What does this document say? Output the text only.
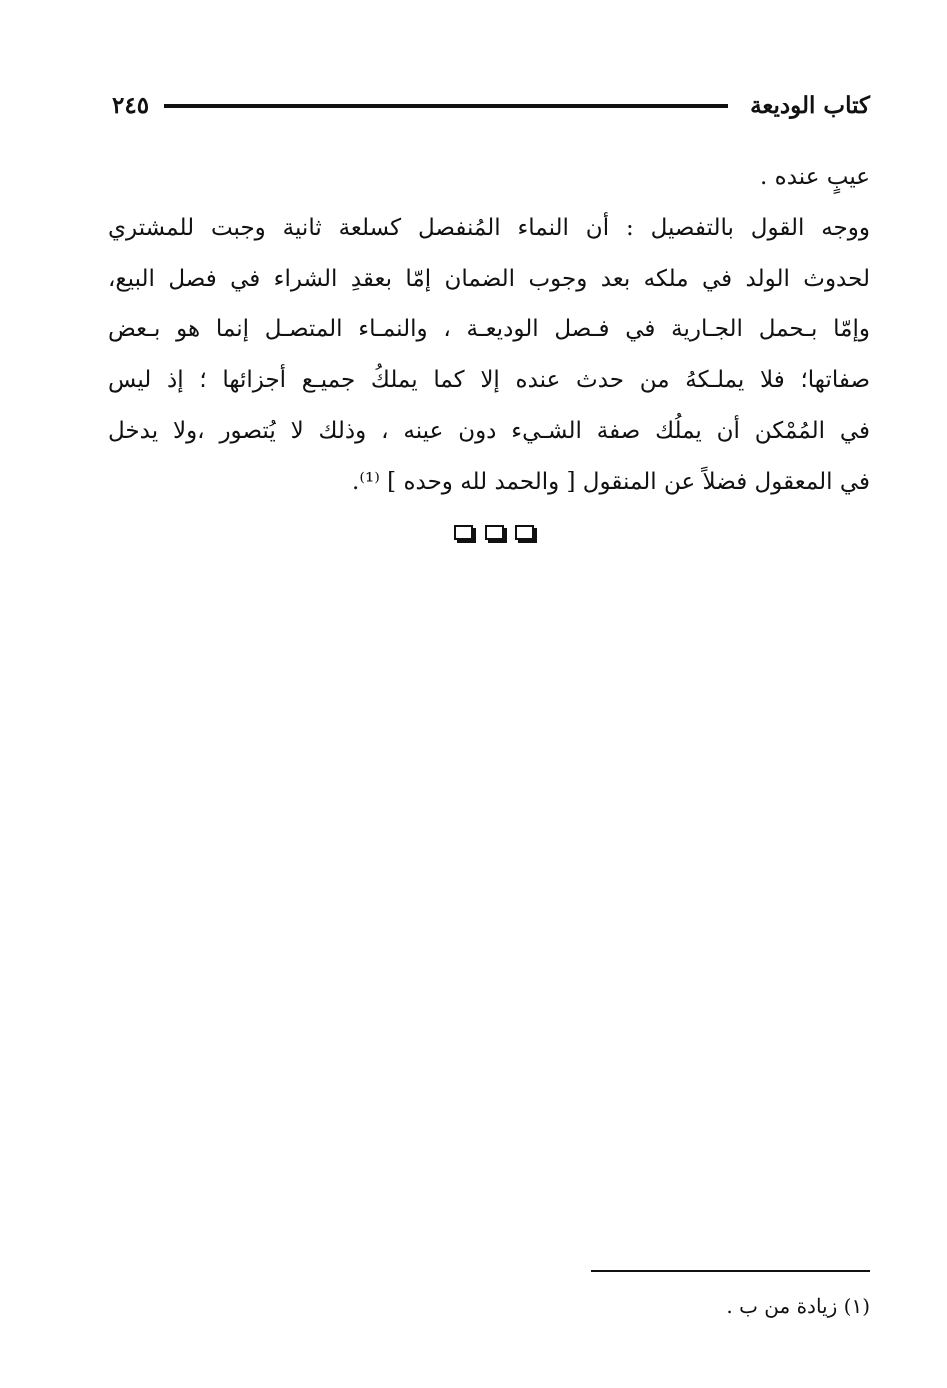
كتاب الوديعة
٢٤٥
عيبٍ عنده .
ووجه القول بالتفصيل : أن النماء المُنفصل كسلعة ثانية وجبت للمشتري
لحدوث الولد في ملكه بعد وجوب الضمان إمّا بعقدِ الشراء في فصل البيع،
وإمّا بـحمل الجـارية في فـصل الوديعـة ، والنمـاء المتصـل إنما هو بـعض
صفاتها؛ فلا يملـكهُ من حدث عنده إلا كما يملكُ جميـع أجزائها ؛ إذ ليس
في المُمْكن أن يملُك صفة الشـيء دون عينه ، وذلك لا يُتصور ،ولا يدخل
في المعقول فضلاً عن المنقول [ والحمد لله وحده ] ⁽¹⁾.
(١) زيادة من ب .
